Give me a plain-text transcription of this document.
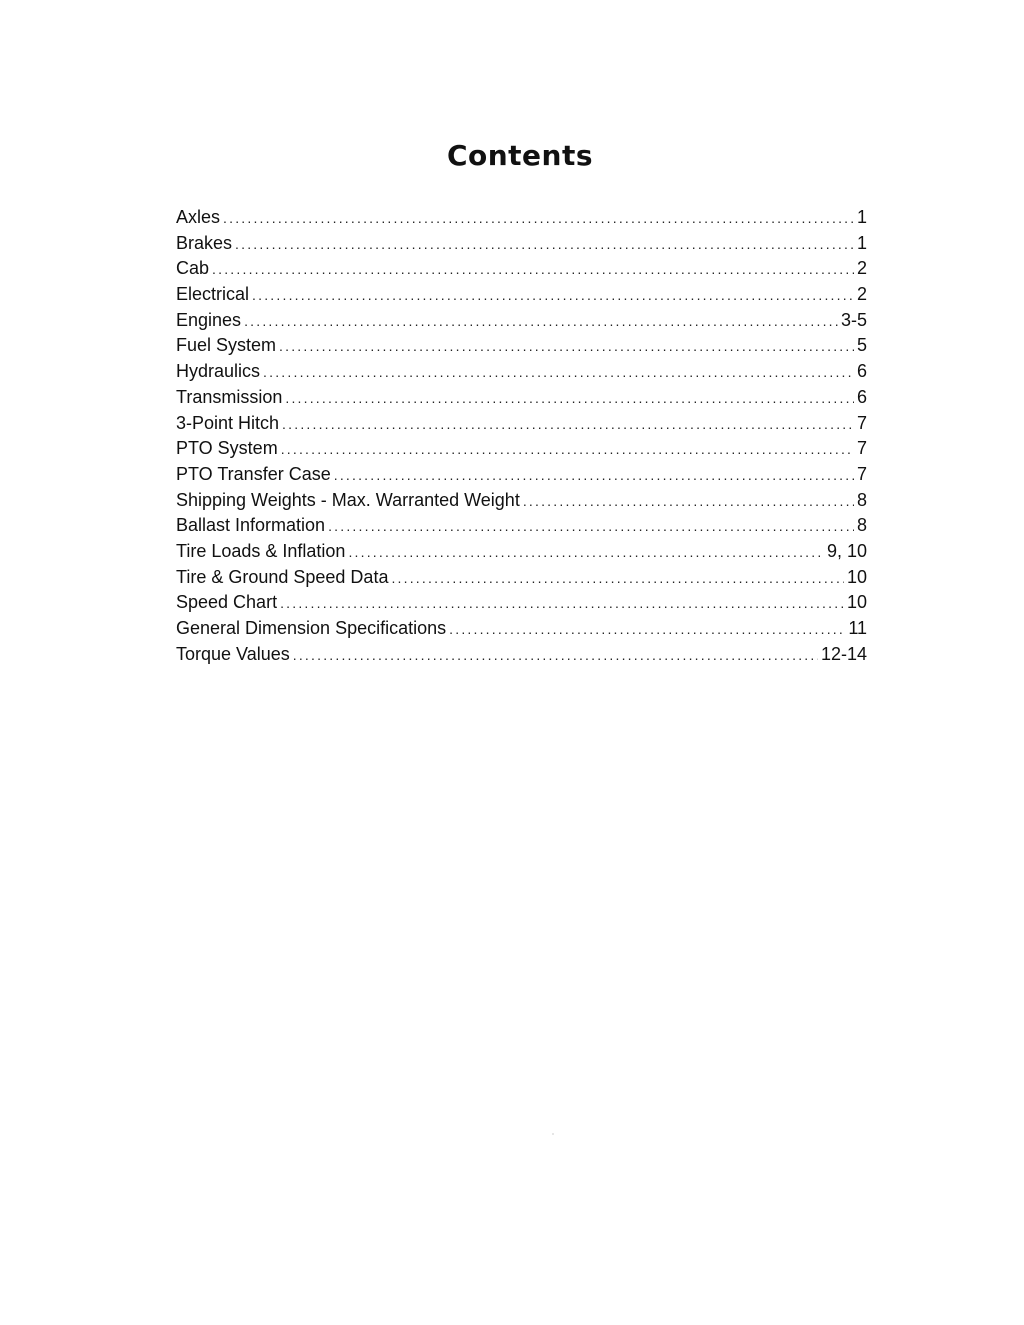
Contents
Axles .....	1
Brakes .....	1
Cab .....	2
Electrical .....	2
Engines .....	3-5
Fuel System .....	5
Hydraulics .....	6
Transmission .....	6
3-Point Hitch .....	7
PTO System .....	7
PTO Transfer Case .....	7
Shipping Weights - Max. Warranted Weight .....	8
Ballast Information .....	8
Tire Loads & Inflation .....	9, 10
Tire & Ground Speed Data .....	10
Speed Chart .....	10
General Dimension Specifications .....	11
Torque Values .....	12-14
